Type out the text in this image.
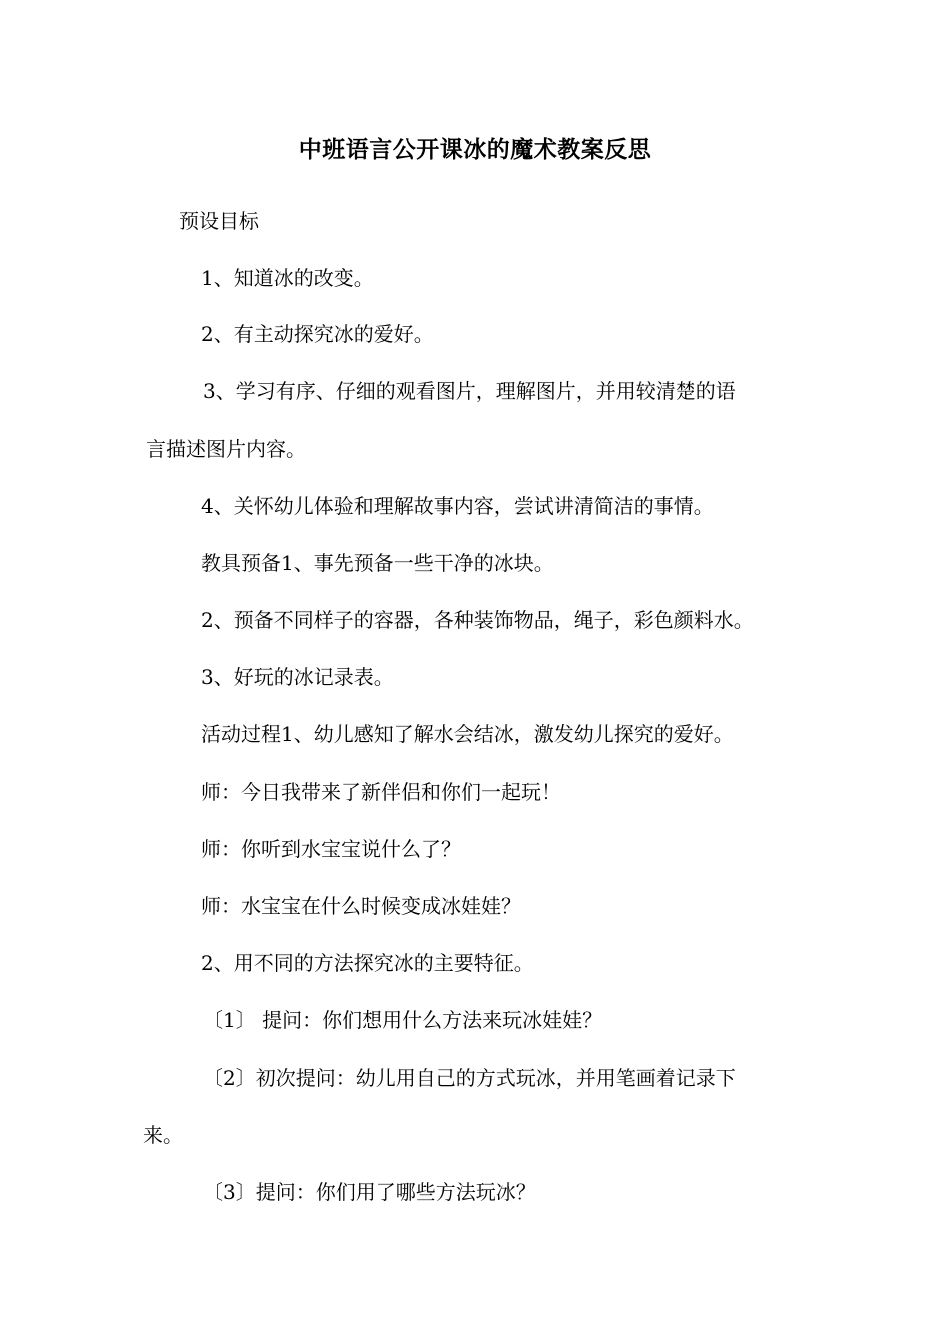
中班语言公开课冰的魔术教案反思
预设目标
1、知道冰的改变。
2、有主动探究冰的爱好。
3、学习有序、仔细的观看图片，理解图片，并用较清楚的语
言描述图片内容。
4、关怀幼儿体验和理解故事内容，尝试讲清简洁的事情。
教具预备1、事先预备一些干净的冰块。
2、预备不同样子的容器，各种装饰物品，绳子，彩色颜料水。
3、好玩的冰记录表。
活动过程1、幼儿感知了解水会结冰，激发幼儿探究的爱好。
师：今日我带来了新伴侣和你们一起玩！
师：你听到水宝宝说什么了？
师：水宝宝在什么时候变成冰娃娃？
2、用不同的方法探究冰的主要特征。
〔1〕 提问：你们想用什么方法来玩冰娃娃？
〔2〕初次提问：幼儿用自己的方式玩冰，并用笔画着记录下
来。
〔3〕提问：你们用了哪些方法玩冰？
